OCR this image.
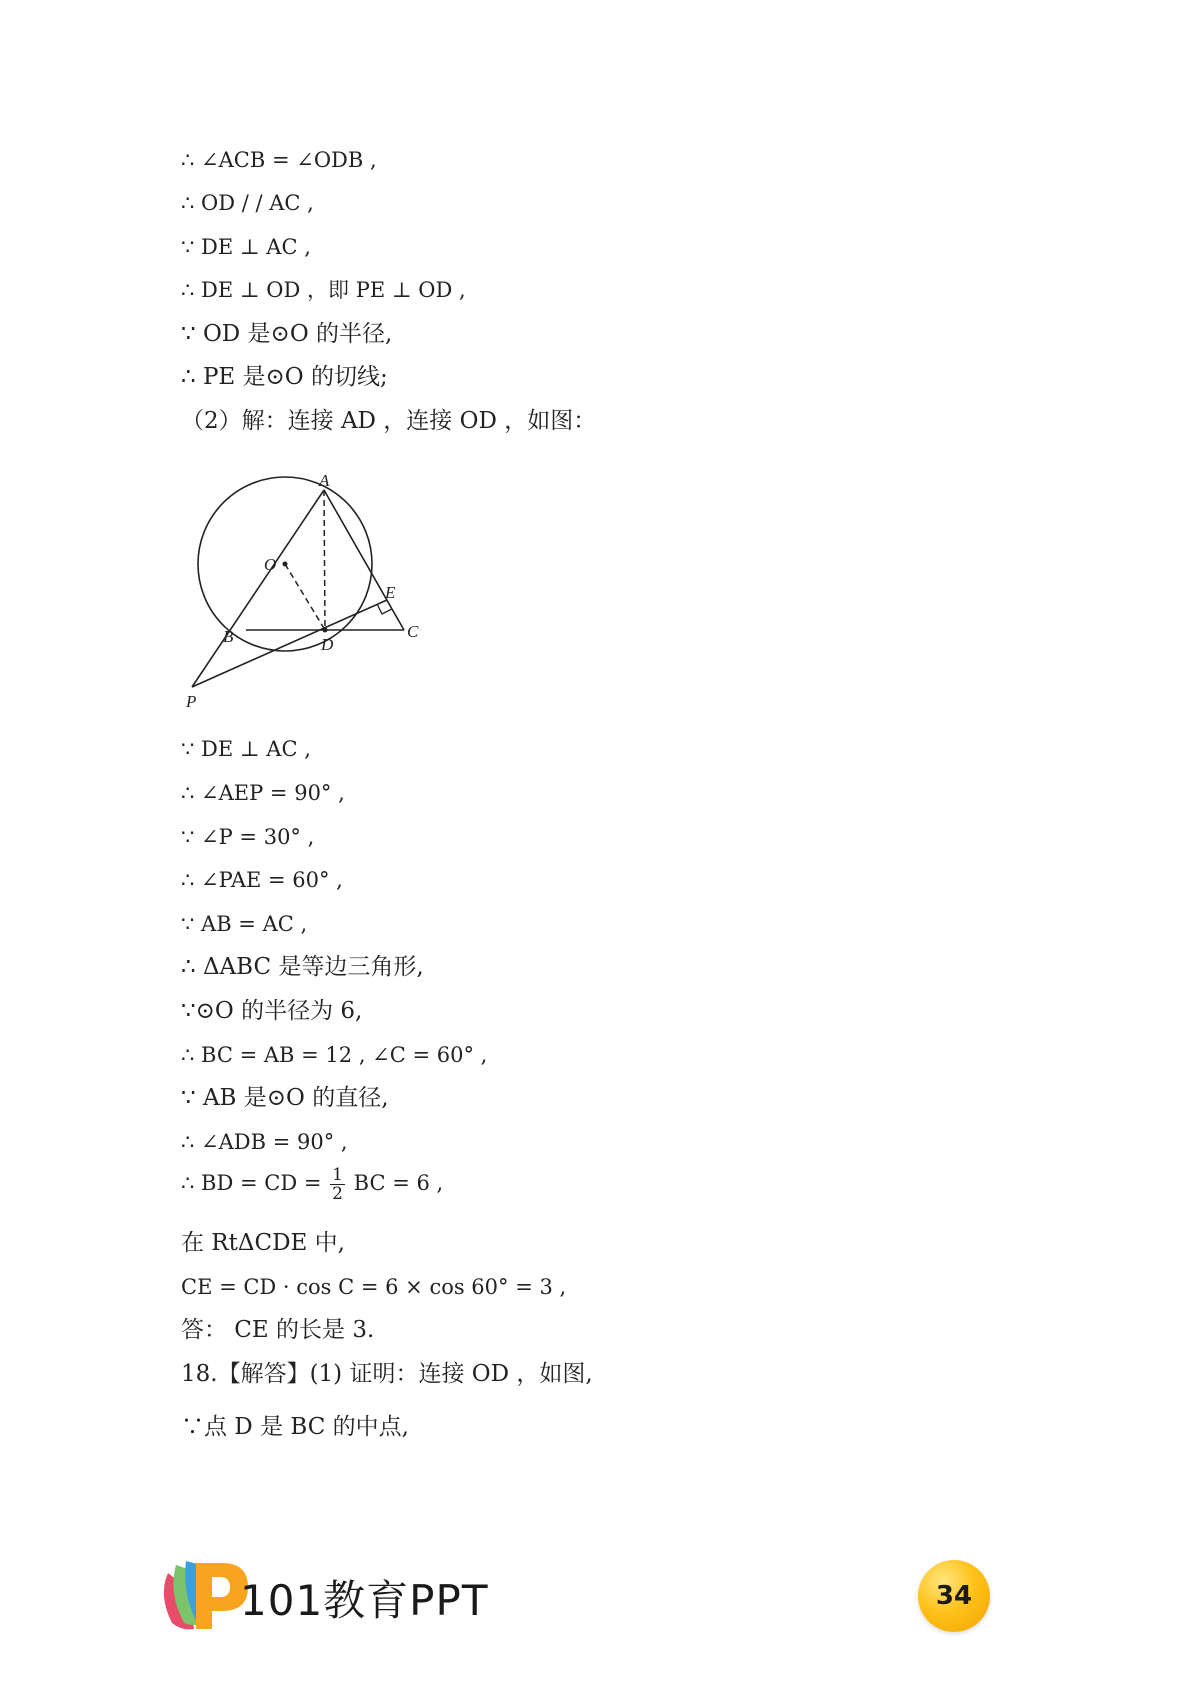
∴ ∠ACB = ∠ODB ,
∴ OD / / AC ,
∵ DE ⊥ AC ,
∴ DE ⊥ OD ，即 PE ⊥ OD ,
∵ OD 是⊙O 的半径,
∴ PE 是⊙O 的切线;
（2）解：连接 AD ，连接 OD ，如图：
A
O
E
B	D
C
P
∵ DE ⊥ AC ,
∴ ∠AEP = 90° ,
∵ ∠P = 30° ,
∴ ∠PAE = 60° ,
∵ AB = AC ,
∴ ΔABC 是等边三角形,
∵⊙O 的半径为 6,
∴ BC = AB = 12 , ∠C = 60° ,
∵ AB 是⊙O 的直径,
∴ ∠ADB = 90° ,
∴ BD = CD = $\frac{1}{2}$ BC = 6 ,
在 RtΔCDE 中,
CE = CD · cos C = 6 × cos 60° = 3 ,
答： CE 的长是 3.
18.【解答】(1) 证明：连接 OD ，如图,
∵点 D 是 BC 的中点,
101教育PPT	34
